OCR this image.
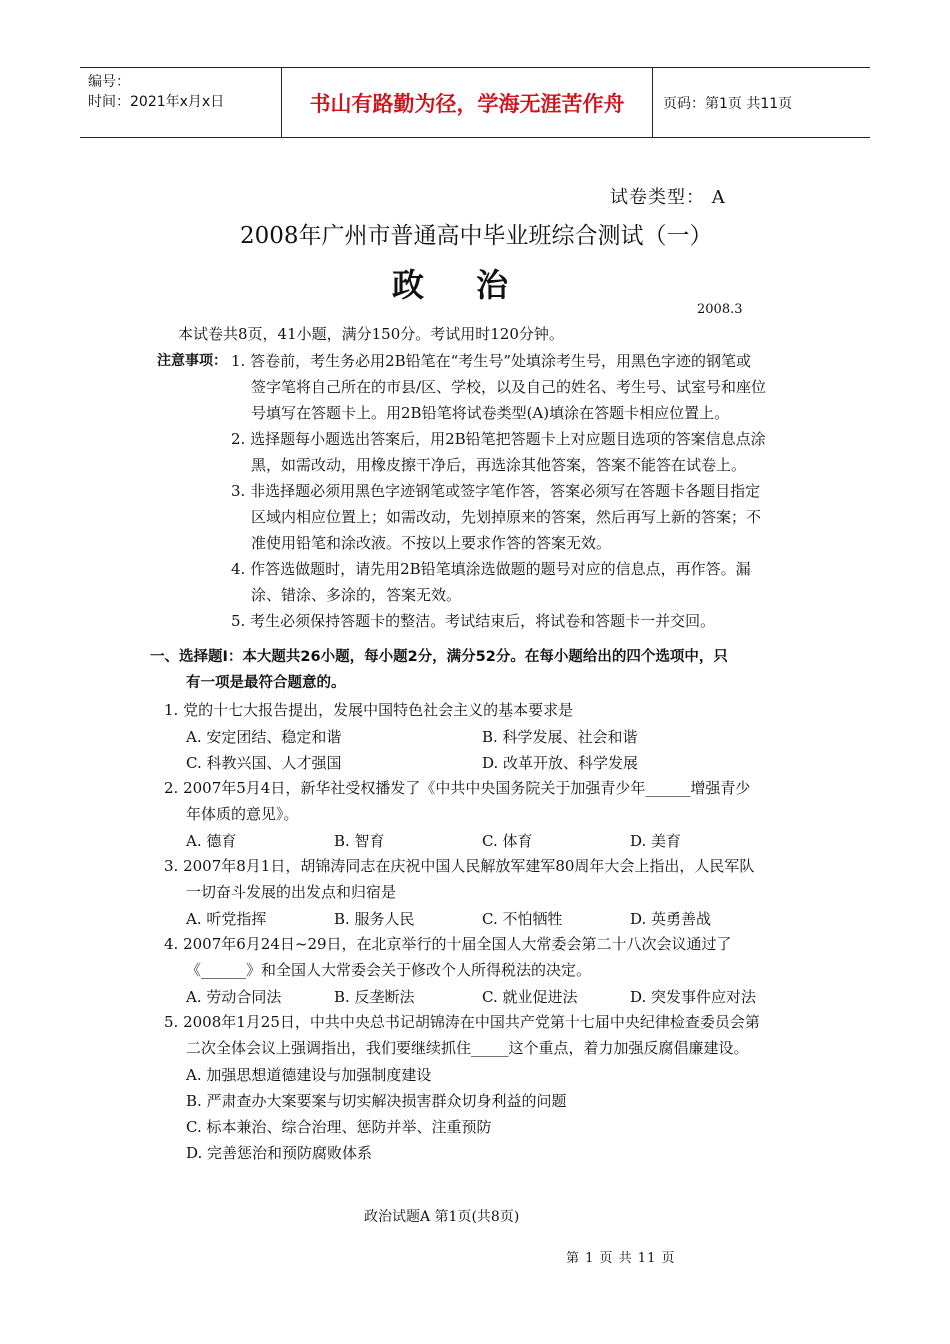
编号：
时间：2021年x月x日	书山有路勤为径，学海无涯苦作舟	页码：第1页 共11页
试卷类型： A
2008年广州市普通高中毕业班综合测试（一）
政治
2008.3
本试卷共8页，41小题，满分150分。考试用时120分钟。
注意事项： 1. 答卷前，考生务必用2B铅笔在“考生号”处填涂考生号，用黑色字迹的钢笔或
签字笔将自己所在的市县/区、学校，以及自己的姓名、考生号、试室号和座位
号填写在答题卡上。用2B铅笔将试卷类型(A)填涂在答题卡相应位置上。
2. 选择题每小题选出答案后，用2B铅笔把答题卡上对应题目选项的答案信息点涂
黑，如需改动，用橡皮擦干净后，再选涂其他答案，答案不能答在试卷上。
3. 非选择题必须用黑色字迹钢笔或签字笔作答，答案必须写在答题卡各题目指定
区域内相应位置上；如需改动，先划掉原来的答案，然后再写上新的答案；不
准使用铅笔和涂改液。不按以上要求作答的答案无效。
4. 作答选做题时，请先用2B铅笔填涂选做题的题号对应的信息点，再作答。漏
涂、错涂、多涂的，答案无效。
5. 考生必须保持答题卡的整洁。考试结束后，将试卷和答题卡一并交回。
一、选择题Ⅰ：本大题共26小题，每小题2分，满分52分。在每小题给出的四个选项中，只
有一项是最符合题意的。
1. 党的十七大报告提出，发展中国特色社会主义的基本要求是
A. 安定团结、稳定和谐	B. 科学发展、社会和谐
C. 科教兴国、人才强国	D. 改革开放、科学发展
2. 2007年5月4日，新华社受权播发了《中共中央国务院关于加强青少年______增强青少
年体质的意见》。
A. 德育	B. 智育	C. 体育	D. 美育
3. 2007年8月1日，胡锦涛同志在庆祝中国人民解放军建军80周年大会上指出，人民军队
一切奋斗发展的出发点和归宿是
A. 听党指挥	B. 服务人民	C. 不怕牺牲	D. 英勇善战
4. 2007年6月24日~29日，在北京举行的十届全国人大常委会第二十八次会议通过了
《______》和全国人大常委会关于修改个人所得税法的决定。
A. 劳动合同法	B. 反垄断法	C. 就业促进法	D. 突发事件应对法
5. 2008年1月25日，中共中央总书记胡锦涛在中国共产党第十七届中央纪律检查委员会第
二次全体会议上强调指出，我们要继续抓住_____这个重点，着力加强反腐倡廉建设。
A. 加强思想道德建设与加强制度建设
B. 严肃查办大案要案与切实解决损害群众切身利益的问题
C. 标本兼治、综合治理、惩防并举、注重预防
D. 完善惩治和预防腐败体系
政治试题A 第1页(共8页)
第 1 页 共 11 页
